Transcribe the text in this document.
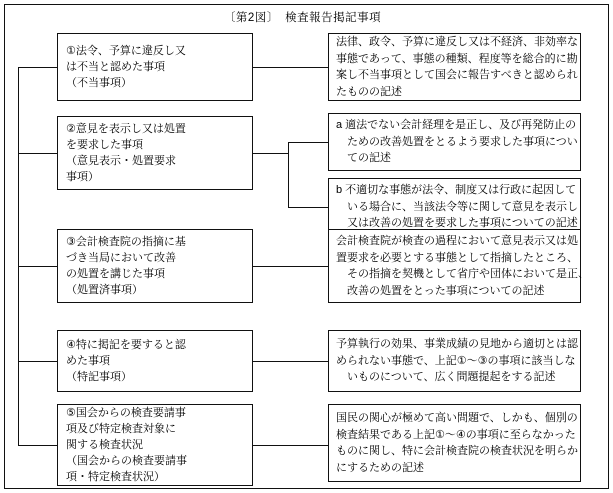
〔第2図〕　検査報告掲記事項
①法令、予算に違反し又
は不当と認めた事項
（不当事項）
②意見を表示し又は処置
を要求した事項
（意見表示・処置要求
事項）
③会計検査院の指摘に基
づき当局において改善
の処置を講じた事項
（処置済事項）
④特に掲記を要すると認
めた事項
（特記事項）
⑤国会からの検査要請事
項及び特定検査対象に
関する検査状況
（国会からの検査要請事
項・特定検査状況）
法律、政令、予算に違反し又は不経済、非効率な
事態であって、事態の種類、程度等を総合的に勘
案し不当事項として国会に報告すべきと認められ
たものの記述
a 適法でない会計経理を是正し、及び再発防止の
　ための改善処置をとるよう要求した事項につい
　ての記述
b 不適切な事態が法令、制度又は行政に起因して
　いる場合に、当該法令等に関して意見を表示し
　又は改善の処置を要求した事項についての記述
会計検査院が検査の過程において意見表示又は処
置要求を必要とする事態として指摘したところ、
　その指摘を契機として省庁や団体において是正、
　改善の処置をとった事項についての記述
予算執行の効果、事業成績の見地から適切とは認
められない事態で、上記①～③の事項に該当しな
　いものについて、広く問題提起をする記述
国民の関心が極めて高い問題で、しかも、個別の
検査結果である上記①～④の事項に至らなかった
ものに関し、特に会計検査院の検査状況を明らか
にするための記述
